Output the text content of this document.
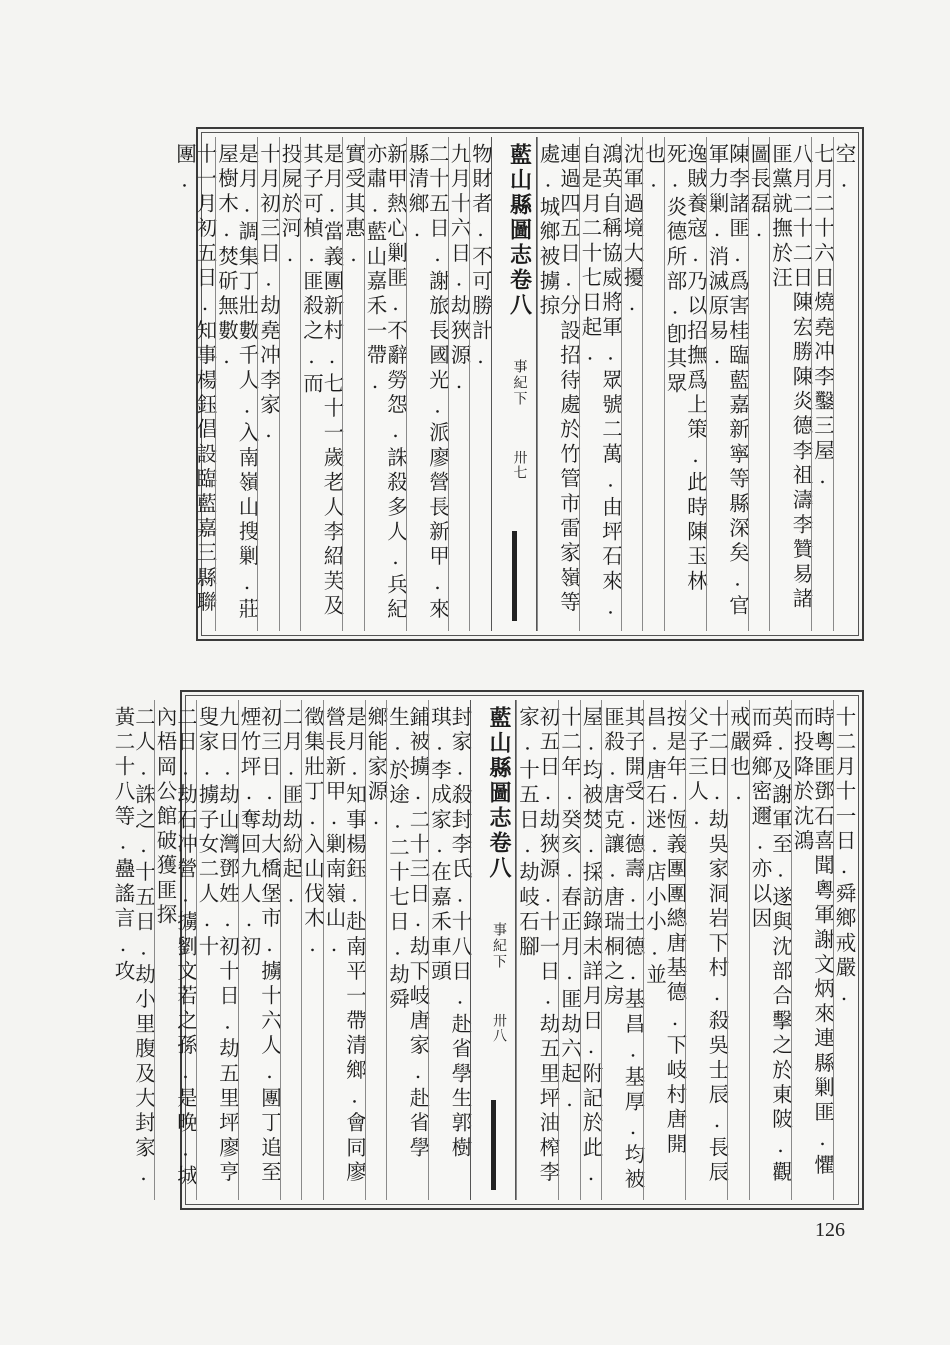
空.
七月二十六日燒堯冲李鑿三屋.
八月二十二日陳宏勝陳炎德李祖濤李贊易諸匪黨就撫於汪
圖長磊.
陳李諸匪.爲害桂臨藍嘉新寧等縣深矣.官軍力剿.消滅原易.
逸賊養寇.乃以招撫爲上策.此時陳玉林死.炎德所部.卽其眾
也.
沈軍過境大擾.
鴻英自稱協威將軍.眾號二萬.由坪石來.自是月二十七日起.
連過四五日.分設招待處於竹管市雷家嶺等處.城鄉被擄掠
藍山縣圖志卷八 事紀下 卅七
物財者.不可勝計.
九月十六日.劫狹源.
二十五日.謝旅長國光.派廖營長新甲.來縣清鄉.
新甲熱心剿匪.不辭勞怨.誅殺多人.兵紀亦肅.藍山嘉禾一帶.
實受其惠.
是月.當義團新村.七十一歲老人李紹芙及其子可楨.匪殺之.而
投屍於河.
十月初三日.劫堯冲李家.
是月.調集丁壯數千人.入南嶺山搜剿.莊屋樹木.焚斫無數.
十一月初五日.知事楊鈺倡設臨藍嘉三縣聯團.
十二月十一日.舜鄉戒嚴.
時粵匪鄧石喜聞粵軍謝文炳來連縣剿匪.懼而投降於沈鴻
英.及謝軍至.遂與沈部合擊之於東陂.觀而舜鄉密邇.亦以因
戒嚴也.
十二日.劫吳家洞岩下村.殺吳士辰.長辰父子三人.
按是年.恆義團團總唐基德.下岐村唐開昌.唐石迷.店小小.並
其子開受.德壽.士德.基昌.基厚.均被匪殺.唐克讓.唐瑞桐之房
屋.均被焚.採訪錄未詳月日.附記於此.
十二年.癸亥.春正月.匪劫六起.
初五日.劫狹源.十一日.劫五里坪油榨李家.十五日.劫岐石腳
藍山縣圖志卷八 事紀下 卅八
封家.殺封李氏.十八日.赴省學生郭樹琪.李成家.在嘉禾車頭
鋪被擄.二十三日.劫下岐唐家.赴省學生.於途.二十七日.劫舜
鄉能家源.
是月.知事楊鈺.赴南平一帶清鄉.會同廖營長新甲.剿南嶺山.
徵集壯丁.入山伐木.
二月.匪劫紛起.
初三日.劫大橋堡市.擄十六人.團丁追至煙竹坪.奪回九人.初
九日.劫山灣鄧姓.初十日.劫五里坪廖亨叟家.擄子女二人.十
二日.劫石冲營.擄劉文若之孫.是晚.城內梧岡公館破獲匪探
二人.誅之.十五日.劫小里腹及大封家.黃二十八等.蠱謠言.攻
126
